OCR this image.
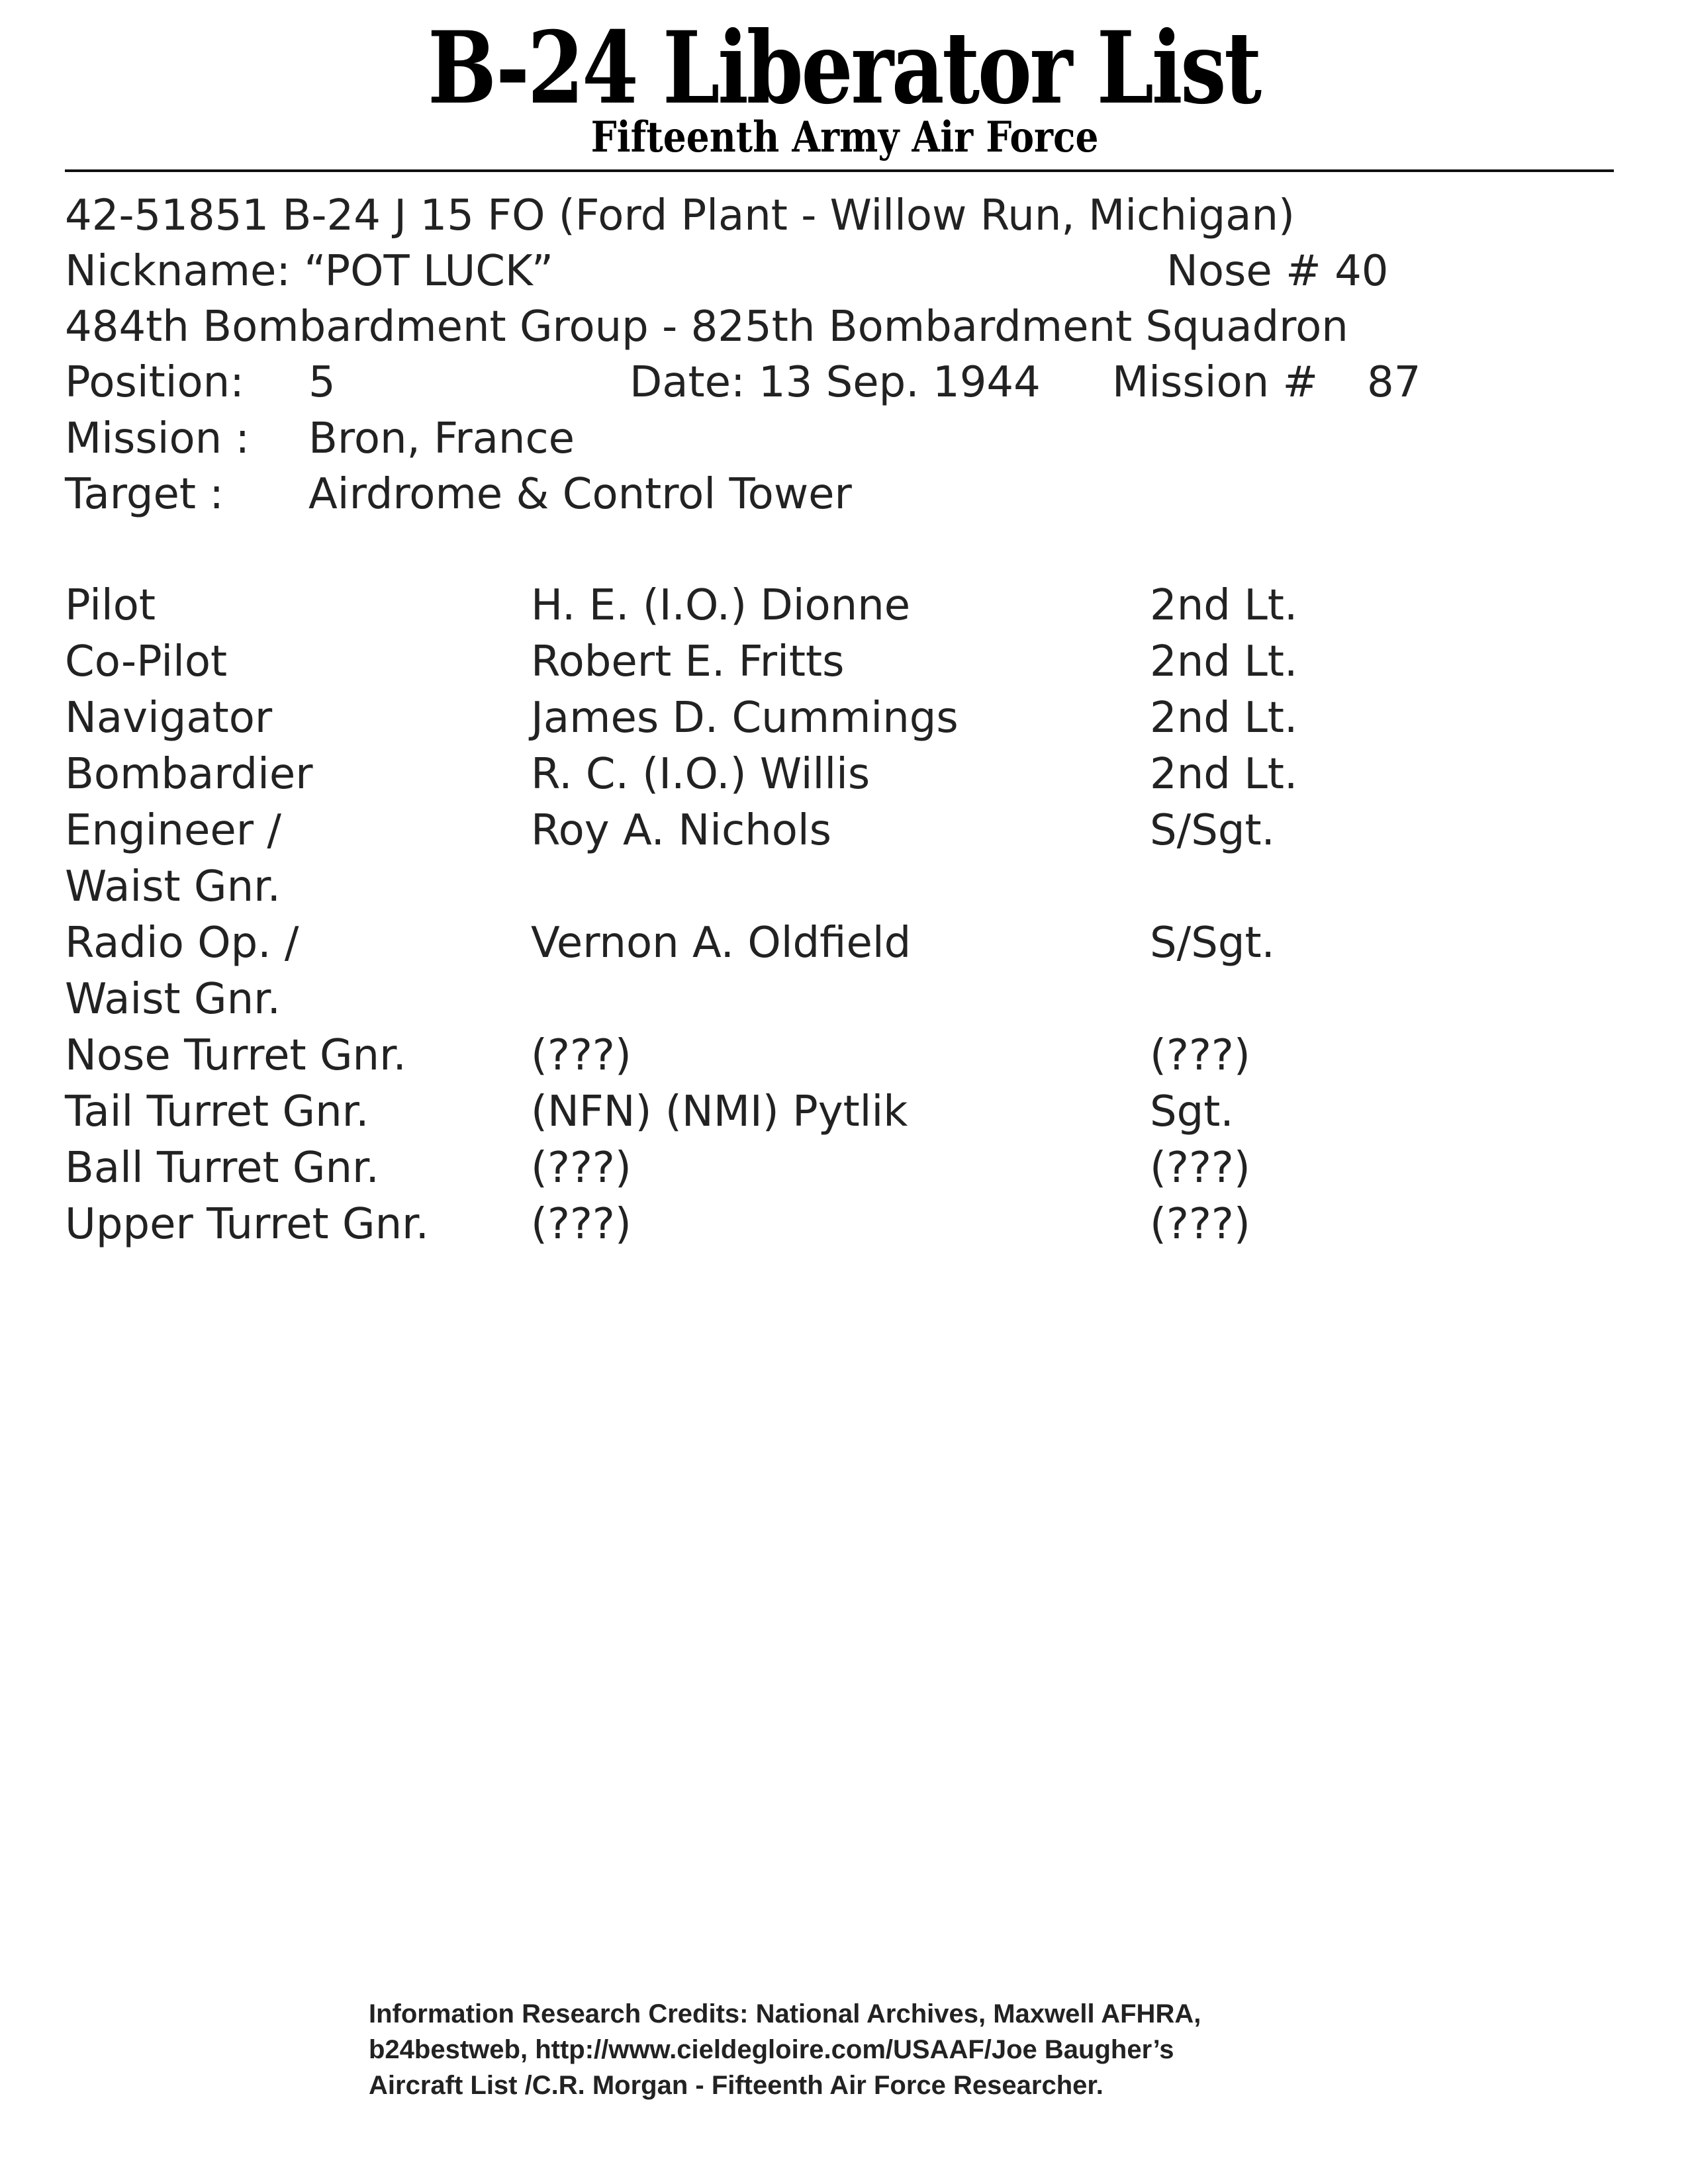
B-24 Liberator List
Fifteenth Army Air Force
42-51851 B-24 J 15 FO (Ford Plant - Willow Run, Michigan)
Nickname: “POT LUCK”	Nose # 40
484th Bombardment Group - 825th Bombardment Squadron
Position: 5	Date: 13 Sep. 1944 Mission # 87
Mission : Bron, France
Target : Airdrome & Control Tower
Pilot	H. E. (I.O.) Dionne	2nd Lt.
Co-Pilot	Robert E. Fritts	2nd Lt.
Navigator	James D. Cummings	2nd Lt.
Bombardier	R. C. (I.O.) Willis	2nd Lt.
Engineer /	Roy A. Nichols	S/Sgt.
Waist Gnr.
Radio Op. /	Vernon A. Oldfield	S/Sgt.
Waist Gnr.
Nose Turret Gnr.	(???)	(???)
Tail Turret Gnr.	(NFN) (NMI) Pytlik	Sgt.
Ball Turret Gnr.	(???)	(???)
Upper Turret Gnr. (???)	(???)
Information Research Credits: National Archives, Maxwell AFHRA,
b24bestweb, http://www.cieldegloire.com/USAAF/Joe Baugher’s
Aircraft List /C.R. Morgan - Fifteenth Air Force Researcher.
